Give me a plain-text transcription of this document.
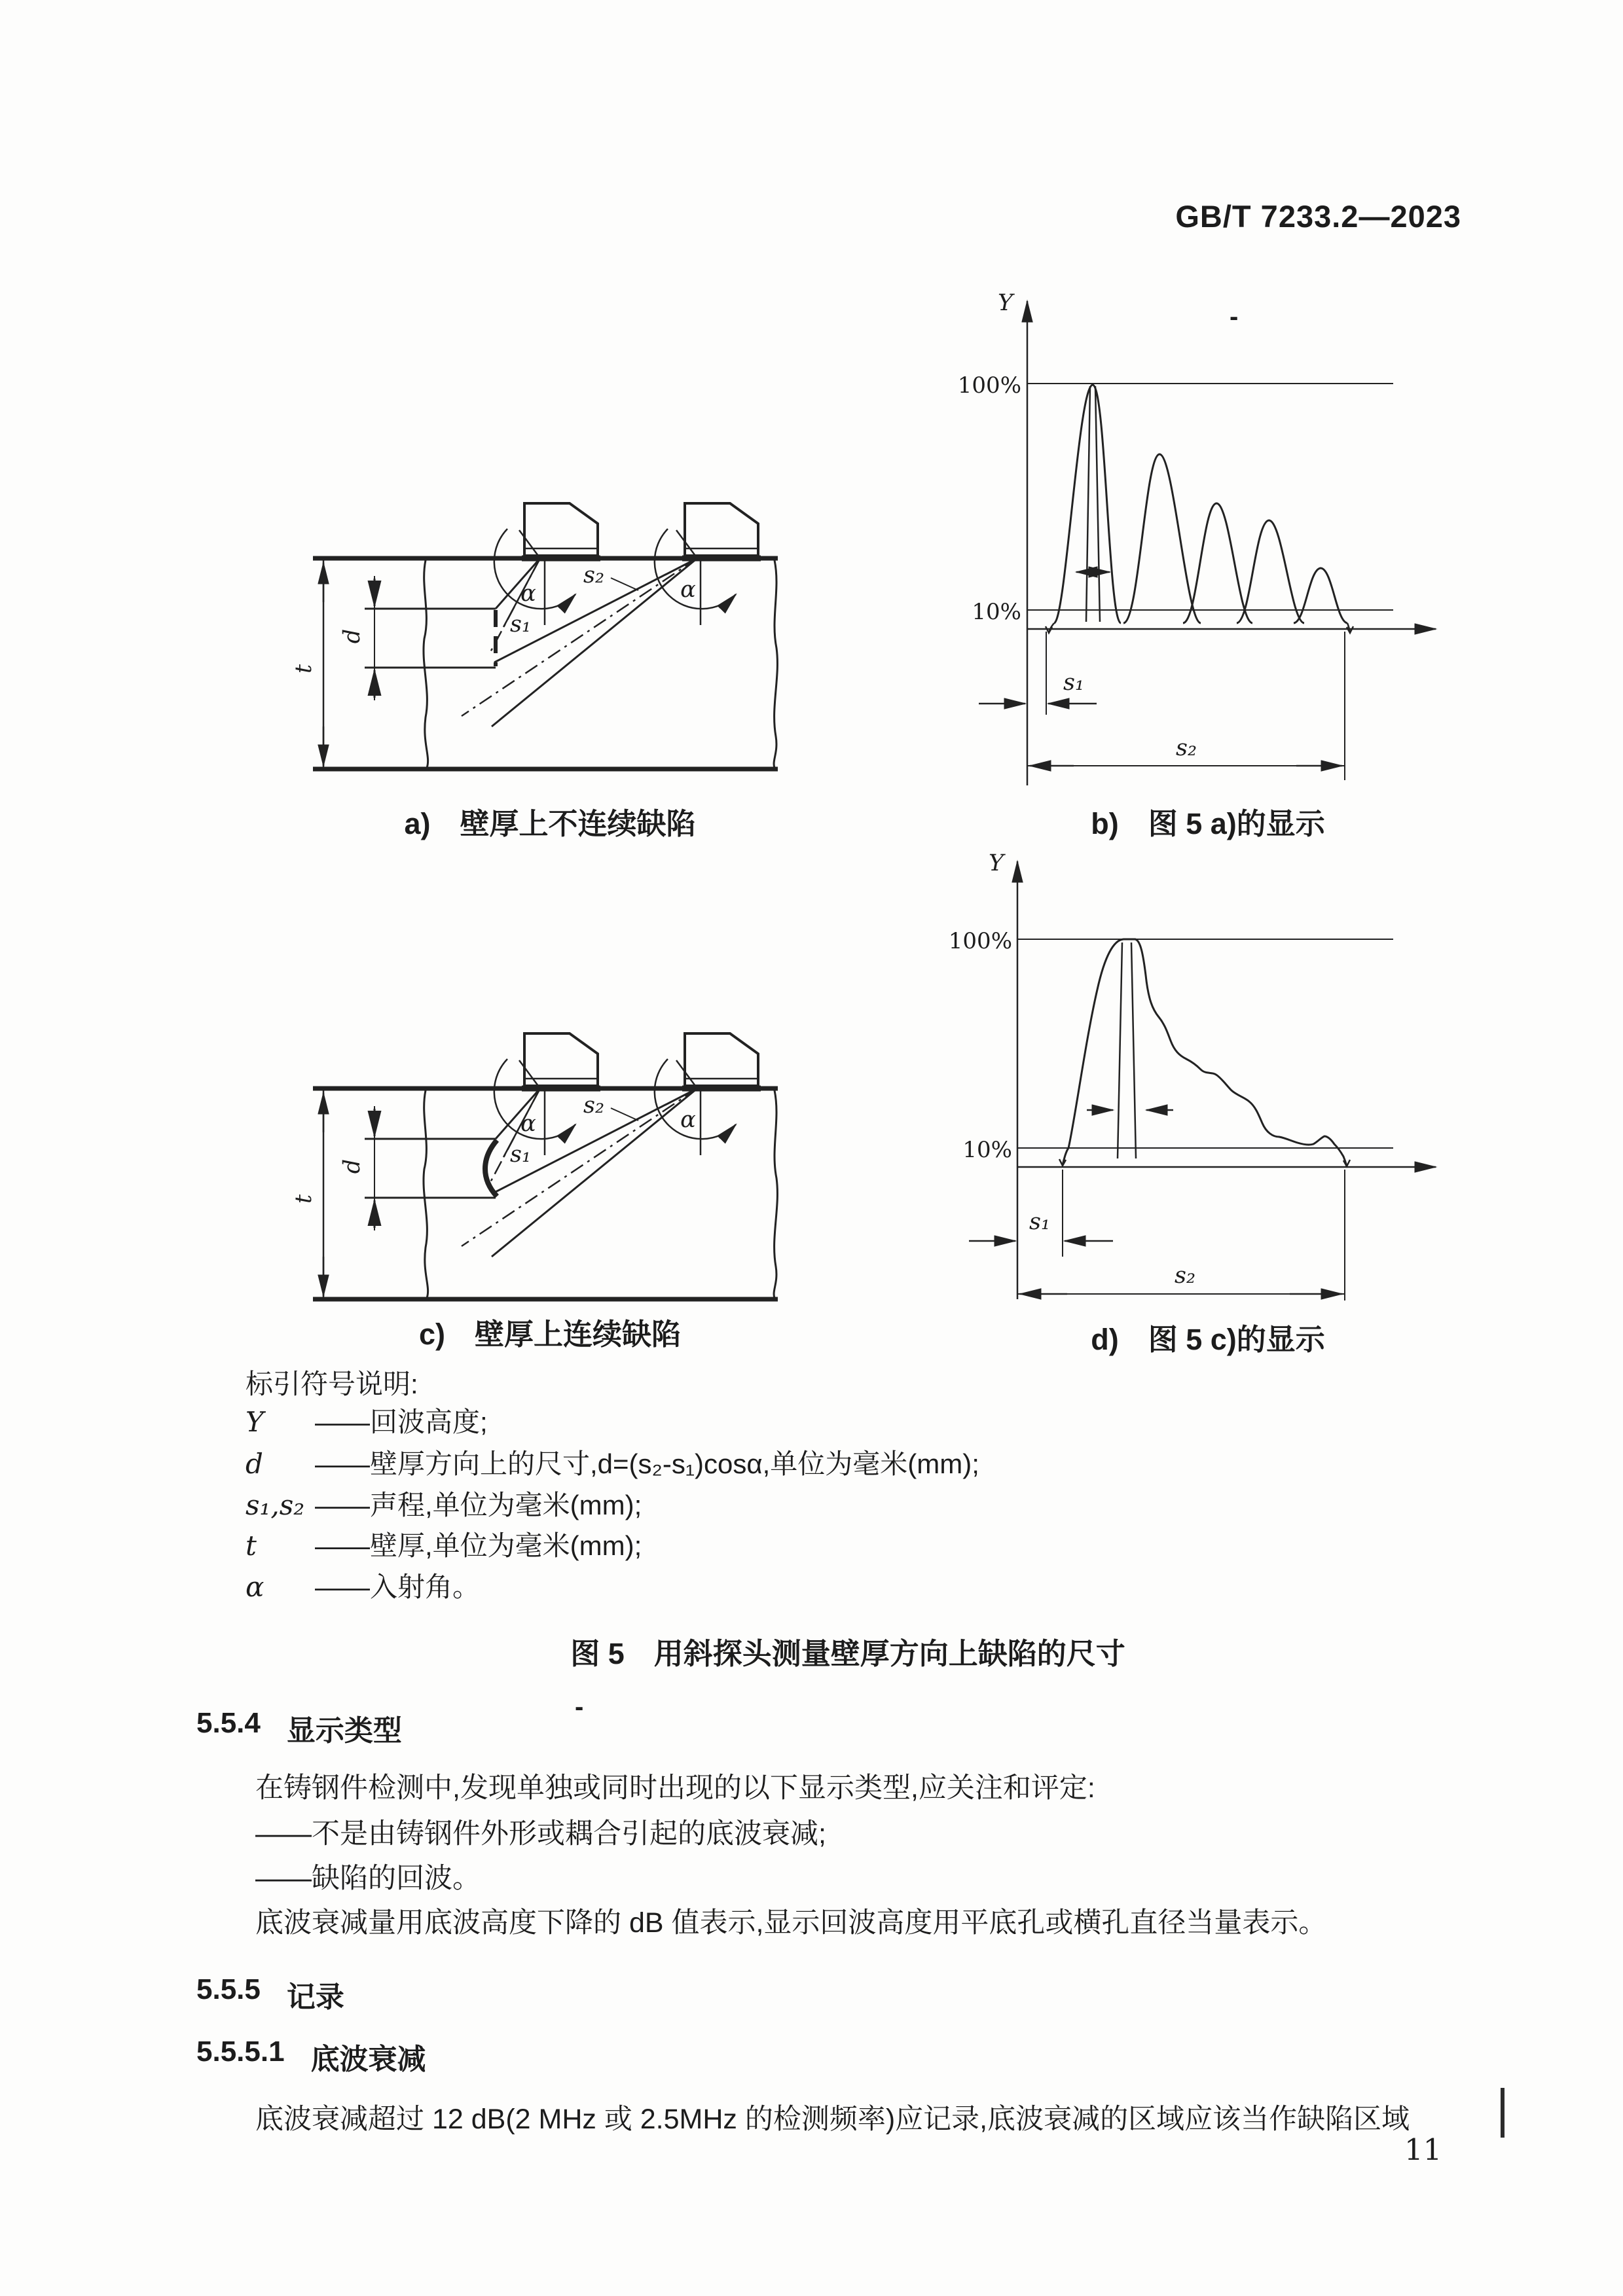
GB/T 7233.2—2023
-
-
t
d	s₁
s₂
α	α
a)　壁厚上不连续缺陷
Y
100%
10%
s₁
s₂
b)　图 5 a)的显示
t
d	s₁
s₂
α	α
c)　壁厚上连续缺陷
Y
100%
10%
s₁
s₂
d)　图 5 c)的显示
标引符号说明:
Y	——回波高度;
d	——壁厚方向上的尺寸,d=(s₂-s₁)cosα,单位为毫米(mm);
s₁,s₂ ——声程,单位为毫米(mm);
t	——壁厚,单位为毫米(mm);
α	——入射角。
图 5　用斜探头测量壁厚方向上缺陷的尺寸
5.5.4 显示类型
在铸钢件检测中,发现单独或同时出现的以下显示类型,应关注和评定:
——不是由铸钢件外形或耦合引起的底波衰减;
——缺陷的回波。
底波衰减量用底波高度下降的 dB 值表示,显示回波高度用平底孔或横孔直径当量表示。
5.5.5 记录
5.5.5.1 底波衰减
底波衰减超过 12 dB(2 MHz 或 2.5MHz 的检测频率)应记录,底波衰减的区域应该当作缺陷区域
11
